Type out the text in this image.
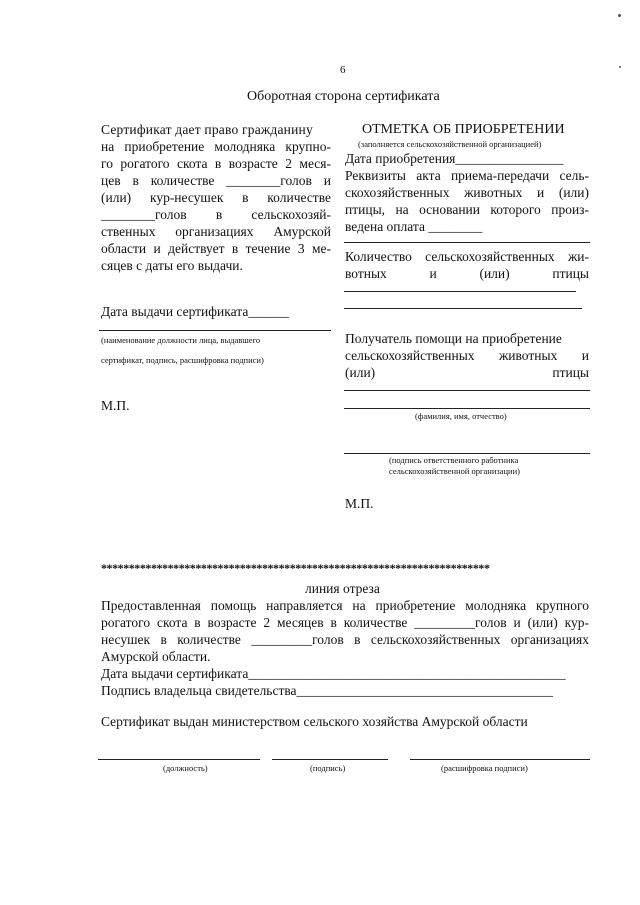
6
Оборотная сторона сертификата
Сертификат дает право гражданину
на приобретение молодняка крупно-
го рогатого скота в возрасте 2 меся-
цев в количестве ________голов и
(или) кур-несушек в количестве
________голов в сельскохозяй-
ственных организациях Амурской
области и действует в течение 3 ме-
сяцев с даты его выдачи.
Дата выдачи сертификата______
(наименование должности лица, выдавшего
сертификат, подпись, расшифровка подписи)
М.П.
ОТМЕТКА ОБ ПРИОБРЕТЕНИИ
(заполняется сельскохозяйственной организацией)
Дата приобретения________________
Реквизиты акта приема-передачи сель-
скохозяйственных животных и (или)
птицы, на основании которого произ-
ведена оплата ________
Количество сельскохозяйственных жи-
вотных и (или) птицы
Получатель помощи на приобретение
сельскохозяйственных животных и
(или) птицы
(фамилия, имя, отчество)
(подпись ответственного работника
сельскохозяйственной организации)
М.П.
**********************************************************************
линия отреза
Предоставленная помощь направляется на приобретение молодняка крупного
рогатого скота в возрасте 2 месяцев в количестве _________голов и (или) кур-
несушек в количестве _________голов в сельскохозяйственных организациях
Амурской области.
Дата выдачи сертификата_______________________________________________
Подпись владельца свидетельства______________________________________
Сертификат выдан министерством сельского хозяйства Амурской области
(должность)	(подпись)	(расшифровка подписи)
